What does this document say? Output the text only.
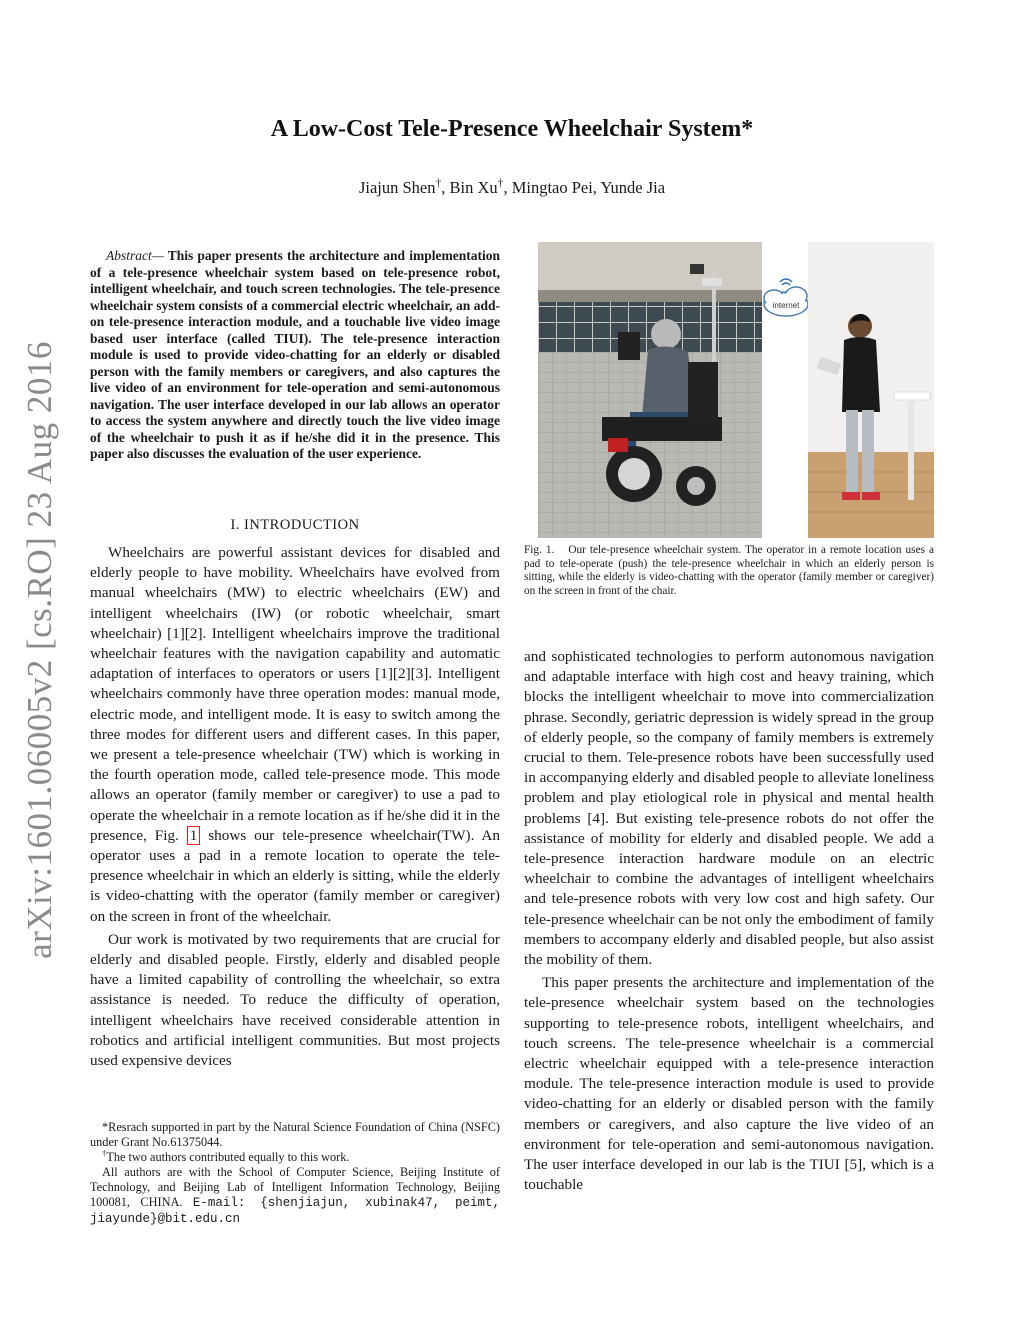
arXiv:1601.06005v2 [cs.RO] 23 Aug 2016
A Low-Cost Tele-Presence Wheelchair System*
Jiajun Shen†, Bin Xu†, Mingtao Pei, Yunde Jia
Abstract— This paper presents the architecture and implementation of a tele-presence wheelchair system based on tele-presence robot, intelligent wheelchair, and touch screen technologies. The tele-presence wheelchair system consists of a commercial electric wheelchair, an add-on tele-presence interaction module, and a touchable live video image based user interface (called TIUI). The tele-presence interaction module is used to provide video-chatting for an elderly or disabled person with the family members or caregivers, and also captures the live video of an environment for tele-operation and semi-autonomous navigation. The user interface developed in our lab allows an operator to access the system anywhere and directly touch the live video image of the wheelchair to push it as if he/she did it in the presence. This paper also discusses the evaluation of the user experience.
I. INTRODUCTION

Wheelchairs are powerful assistant devices for disabled and elderly people to have mobility. Wheelchairs have evolved from manual wheelchairs (MW) to electric wheelchairs (EW) and intelligent wheelchairs (IW) (or robotic wheelchair, smart wheelchair) [1][2]. Intelligent wheelchairs improve the traditional wheelchair features with the navigation capability and automatic adaptation of interfaces to operators or users [1][2][3]. Intelligent wheelchairs commonly have three operation modes: manual mode, electric mode, and intelligent mode. It is easy to switch among the three modes for different users and different cases. In this paper, we present a tele-presence wheelchair (TW) which is working in the fourth operation mode, called tele-presence mode. This mode allows an operator (family member or caregiver) to use a pad to operate the wheelchair in a remote location as if he/she did it in the presence, Fig. 1 shows our tele-presence wheelchair(TW). An operator uses a pad in a remote location to operate the tele-presence wheelchair in which an elderly is sitting, while the elderly is video-chatting with the operator (family member or caregiver) on the screen in front of the wheelchair.

Our work is motivated by two requirements that are crucial for elderly and disabled people. Firstly, elderly and disabled people have a limited capability of controlling the wheelchair, so extra assistance is needed. To reduce the difficulty of operation, intelligent wheelchairs have received considerable attention in robotics and artificial intelligent communities. But most projects used expensive devices

*Resrach supported in part by the Natural Science Foundation of China (NSFC) under Grant No.61375044.

†The two authors contributed equally to this work.

All authors are with the School of Computer Science, Beijing Institute of Technology, and Beijing Lab of Intelligent Information Technology, Beijing 100081, CHINA. E-mail: {shenjiajun, xubinak47, peimt, jiayunde}@bit.edu.cn

internet
Fig. 1. Our tele-presence wheelchair system. The operator in a remote location uses a pad to tele-operate (push) the tele-presence wheelchair in which an elderly person is sitting, while the elderly is video-chatting with the operator (family member or caregiver) on the screen in front of the chair.

and sophisticated technologies to perform autonomous navigation and adaptable interface with high cost and heavy training, which blocks the intelligent wheelchair to move into commercialization phrase. Secondly, geriatric depression is widely spread in the group of elderly people, so the company of family members is extremely crucial to them. Tele-presence robots have been successfully used in accompanying elderly and disabled people to alleviate loneliness problem and play etiological role in physical and mental health problems [4]. But existing tele-presence robots do not offer the assistance of mobility for elderly and disabled people. We add a tele-presence interaction hardware module on an electric wheelchair to combine the advantages of intelligent wheelchairs and tele-presence robots with very low cost and high safety. Our tele-presence wheelchair can be not only the embodiment of family members to accompany elderly and disabled people, but also assist the mobility of them.

This paper presents the architecture and implementation of the tele-presence wheelchair system based on the technologies supporting to tele-presence robots, intelligent wheelchairs, and touch screens. The tele-presence wheelchair is a commercial electric wheelchair equipped with a tele-presence interaction module. The tele-presence interaction module is used to provide video-chatting for an elderly or disabled person with the family members or caregivers, and also capture the live video of an environment for tele-operation and semi-autonomous navigation. The user interface developed in our lab is the TIUI [5], which is a touchable
